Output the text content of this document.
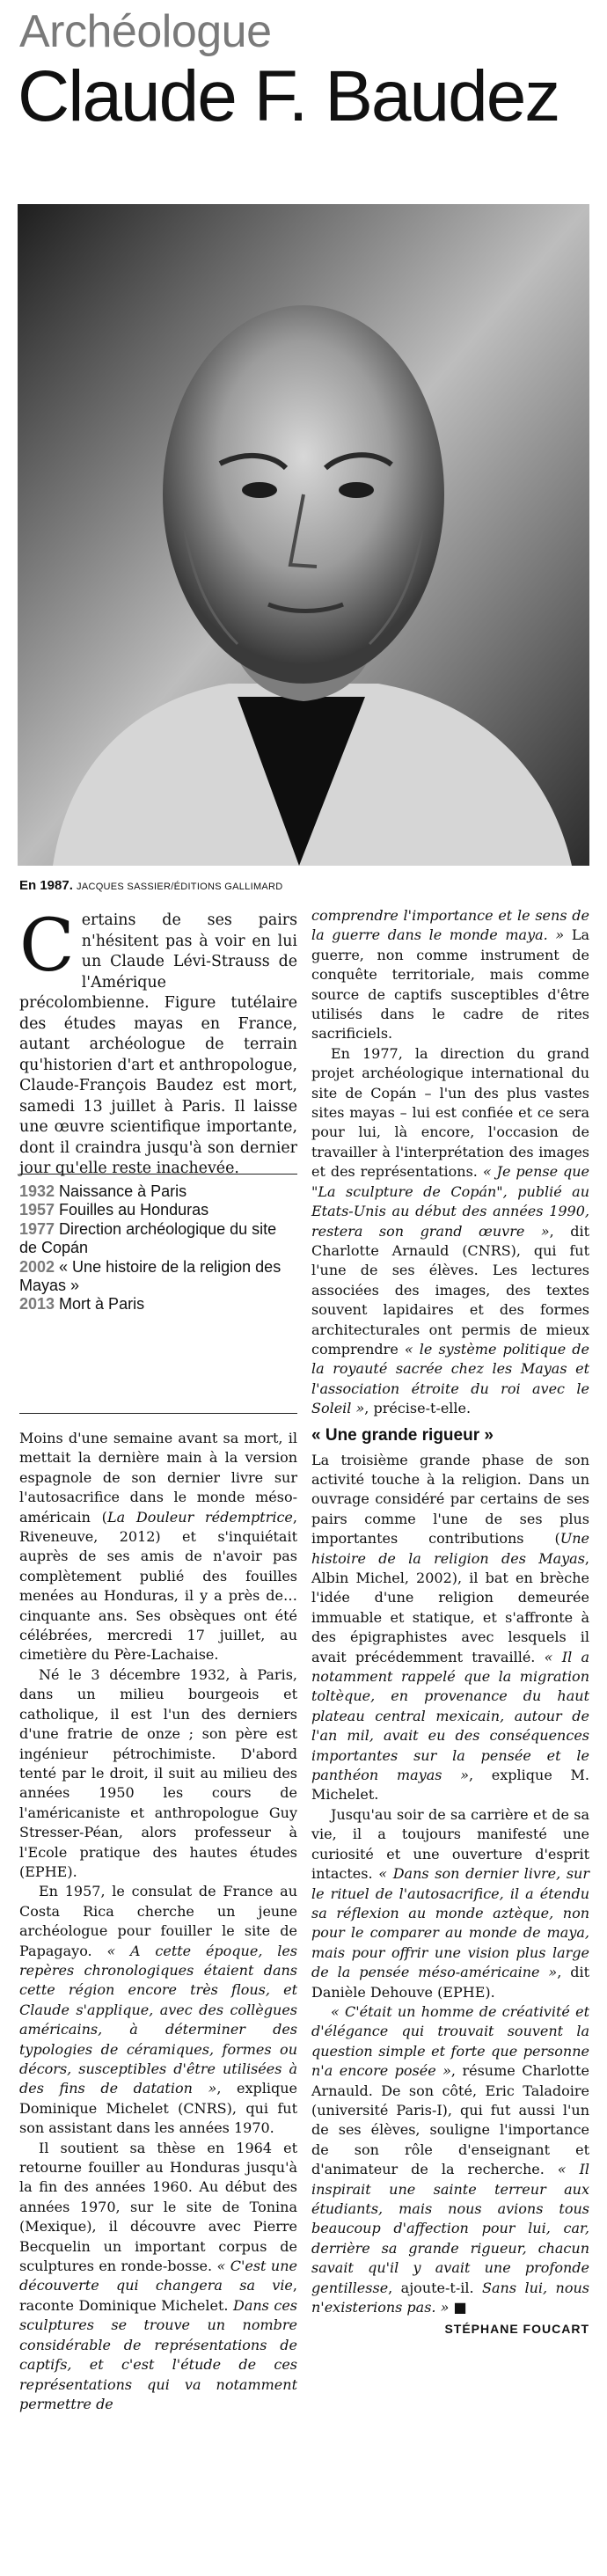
Archéologue
Claude F. Baudez
En 1987. JACQUES SASSIER/ÉDITIONS GALLIMARD
Certains de ses pairs n'hésitent pas à voir en lui un Claude Lévi-Strauss de l'Amérique précolombienne. Figure tutélaire des études mayas en France, autant archéologue de terrain qu'historien d'art et anthropologue, Claude-François Baudez est mort, samedi 13 juillet à Paris. Il laisse une œuvre scientifique importante, dont il craindra jusqu'à son dernier jour qu'elle reste inachevée.
1932 Naissance à Paris
1957 Fouilles au Honduras
1977 Direction archéologique du site de Copán
2002 « Une histoire de la religion des Mayas »
2013 Mort à Paris

Moins d'une semaine avant sa mort, il mettait la dernière main à la version espagnole de son dernier livre sur l'autosacrifice dans le monde méso-américain (La Douleur rédemptrice, Riveneuve, 2012) et s'inquiétait auprès de ses amis de n'avoir pas complètement publié des fouilles menées au Honduras, il y a près de… cinquante ans. Ses obsèques ont été célébrées, mercredi 17 juillet, au cimetière du Père-Lachaise.

Né le 3 décembre 1932, à Paris, dans un milieu bourgeois et catholique, il est l'un des derniers d'une fratrie de onze ; son père est ingénieur pétrochimiste. D'abord tenté par le droit, il suit au milieu des années 1950 les cours de l'américaniste et anthropologue Guy Stresser-Péan, alors professeur à l'Ecole pratique des hautes études (EPHE).

En 1957, le consulat de France au Costa Rica cherche un jeune archéologue pour fouiller le site de Papagayo. « A cette époque, les repères chronologiques étaient dans cette région encore très flous, et Claude s'applique, avec des collègues américains, à déterminer des typologies de céramiques, formes ou décors, susceptibles d'être utilisées à des fins de datation », explique Dominique Michelet (CNRS), qui fut son assistant dans les années 1970.

Il soutient sa thèse en 1964 et retourne fouiller au Honduras jusqu'à la fin des années 1960. Au début des années 1970, sur le site de Tonina (Mexique), il découvre avec Pierre Becquelin un important corpus de sculptures en ronde-bosse. « C'est une découverte qui changera sa vie, raconte Dominique Michelet. Dans ces sculptures se trouve un nombre considérable de représentations de captifs, et c'est l'étude de ces représentations qui va notamment permettre de

comprendre l'importance et le sens de la guerre dans le monde maya. » La guerre, non comme instrument de conquête territoriale, mais comme source de captifs susceptibles d'être utilisés dans le cadre de rites sacrificiels.

En 1977, la direction du grand projet archéologique international du site de Copán – l'un des plus vastes sites mayas – lui est confiée et ce sera pour lui, là encore, l'occasion de travailler à l'interprétation des images et des représentations. « Je pense que "La sculpture de Copán", publié au Etats-Unis au début des années 1990, restera son grand œuvre », dit Charlotte Arnauld (CNRS), qui fut l'une de ses élèves. Les lectures associées des images, des textes souvent lapidaires et des formes architecturales ont permis de mieux comprendre « le système politique de la royauté sacrée chez les Mayas et l'association étroite du roi avec le Soleil », précise-t-elle.

« Une grande rigueur »

La troisième grande phase de son activité touche à la religion. Dans un ouvrage considéré par certains de ses pairs comme l'une de ses plus importantes contributions (Une histoire de la religion des Mayas, Albin Michel, 2002), il bat en brèche l'idée d'une religion demeurée immuable et statique, et s'affronte à des épigraphistes avec lesquels il avait précédemment travaillé. « Il a notamment rappelé que la migration toltèque, en provenance du haut plateau central mexicain, autour de l'an mil, avait eu des conséquences importantes sur la pensée et le panthéon mayas », explique M. Michelet.

Jusqu'au soir de sa carrière et de sa vie, il a toujours manifesté une curiosité et une ouverture d'esprit intactes. « Dans son dernier livre, sur le rituel de l'autosacrifice, il a étendu sa réflexion au monde aztèque, non pour le comparer au monde de maya, mais pour offrir une vision plus large de la pensée méso-américaine », dit Danièle Dehouve (EPHE).

« C'était un homme de créativité et d'élégance qui trouvait souvent la question simple et forte que personne n'a encore posée », résume Charlotte Arnauld. De son côté, Eric Taladoire (université Paris-I), qui fut aussi l'un de ses élèves, souligne l'importance de son rôle d'enseignant et d'animateur de la recherche. « Il inspirait une sainte terreur aux étudiants, mais nous avions tous beaucoup d'affection pour lui, car, derrière sa grande rigueur, chacun savait qu'il y avait une profonde gentillesse, ajoute-t-il. Sans lui, nous n'existerions pas. » ■

STÉPHANE FOUCART
